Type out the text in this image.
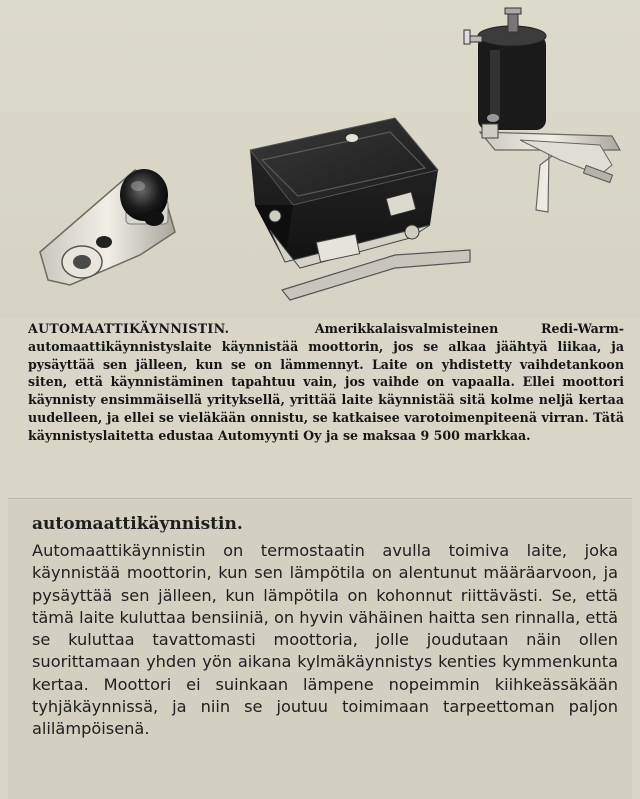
AUTOMAATTIKÄYNNISTIN.	Amerikkalaisvalmisteinen Redi-Warm-automaattikäynnistyslaite käynnistää moottorin, jos se alkaa jäähtyä liikaa, ja pysäyttää sen jälleen, kun se on lämmennyt. Laite on yhdistetty vaihdetankoon siten, että käynnistäminen tapahtuu vain, jos vaihde on vapaalla. Ellei moottori käynnisty ensimmäisellä yrityksellä, yrittää laite käynnistää sitä kolme neljä kertaa uudelleen, ja ellei se vieläkään onnistu, se katkaisee varotoimenpiteenä virran. Tätä käynnistyslaitetta edustaa Automyynti Oy ja se maksaa 9 500 markkaa.
automaattikäynnistin.
Automaattikäynnistin on termostaatin avulla toimiva laite, joka käynnistää moottorin, kun sen lämpötila on alentunut määräarvoon, ja pysäyttää sen jälleen, kun lämpötila on kohonnut riittävästi. Se, että tämä laite kuluttaa bensiiniä, on hyvin vähäinen haitta sen rinnalla, että se kuluttaa tavattomasti moottoria, jolle joudutaan näin ollen suorittamaan yhden yön aikana kylmäkäynnistys kenties kymmenkunta kertaa. Moottori ei suinkaan lämpene nopeimmin kiihkeässäkään tyhjäkäynnissä, ja niin se joutuu toimimaan tarpeettoman paljon alilämpöisenä.
